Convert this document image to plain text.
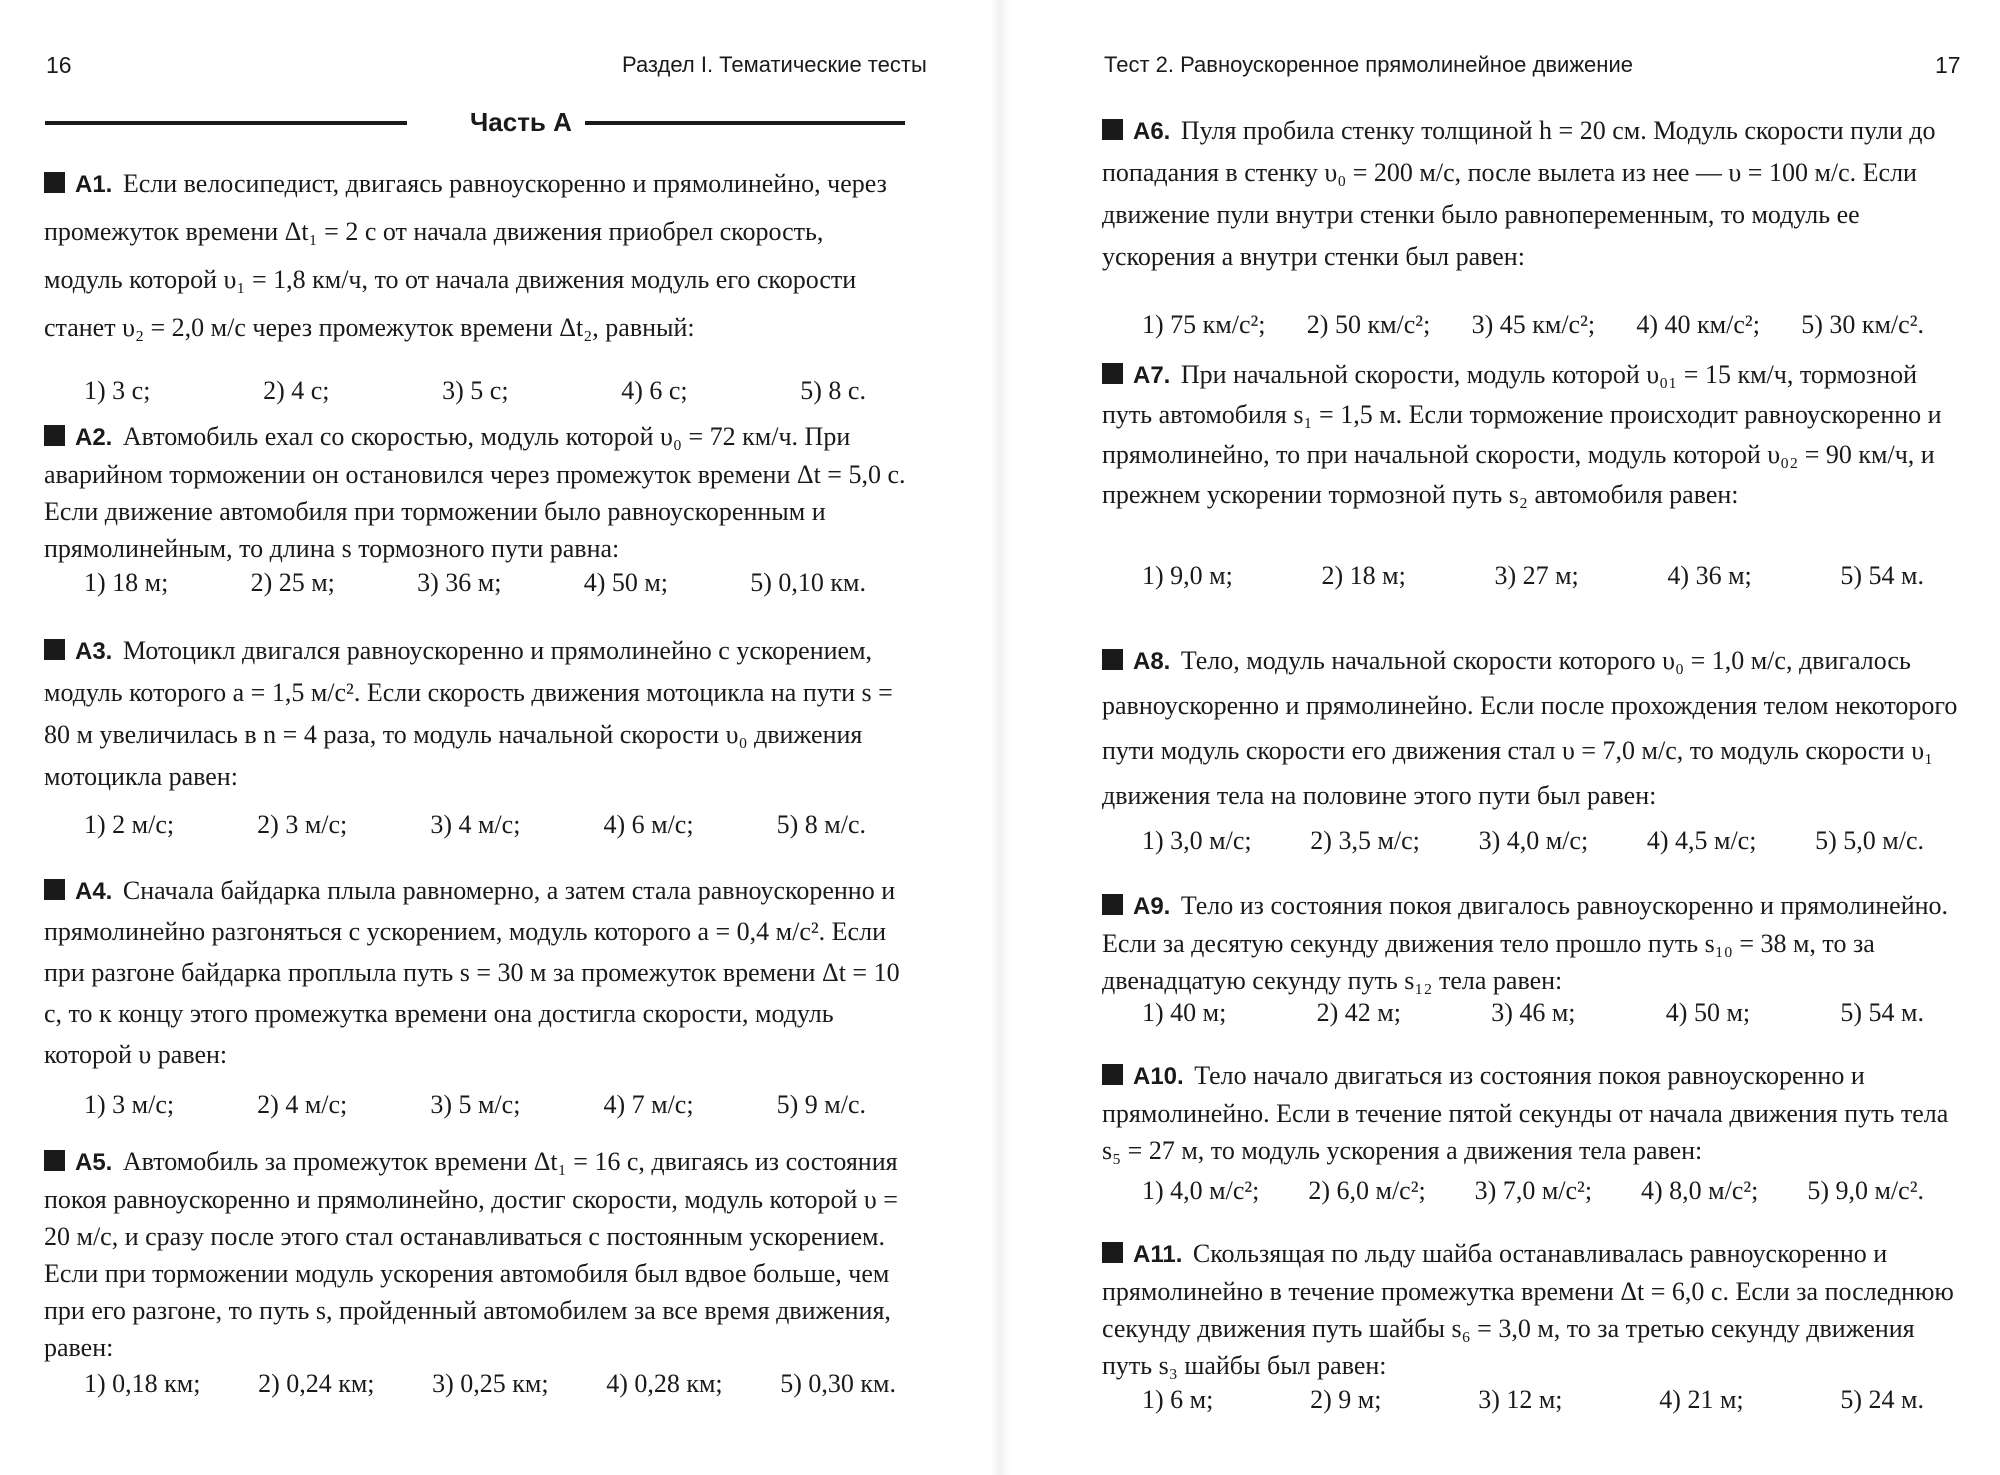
16	Раздел I. Тематические тесты
Часть А
A1. Если велосипедист, двигаясь равноускоренно и прямолинейно, через промежуток времени Δt₁ = 2 с от начала движения приобрел скорость, модуль которой υ₁ = 1,8 км/ч, то от начала движения модуль его скорости станет υ₂ = 2,0 м/с через промежуток времени Δt₂, равный:
1) 3 с;	2) 4 с;	3) 5 с;	4) 6 с;	5) 8 с.
A2. Автомобиль ехал со скоростью, модуль которой υ₀ = 72 км/ч. При аварийном торможении он остановился через промежуток времени Δt = 5,0 с. Если движение автомобиля при торможении было равноускоренным и прямолинейным, то длина s тормозного пути равна:
1) 18 м;	2) 25 м;	3) 36 м;	4) 50 м;	5) 0,10 км.
A3. Мотоцикл двигался равноускоренно и прямолинейно с ускорением, модуль которого a = 1,5 м/с². Если скорость движения мотоцикла на пути s = 80 м увеличилась в n = 4 раза, то модуль начальной скорости υ₀ движения мотоцикла равен:
1) 2 м/с;	2) 3 м/с;	3) 4 м/с;	4) 6 м/с;	5) 8 м/с.
A4. Сначала байдарка плыла равномерно, а затем стала равноускоренно и прямолинейно разгоняться с ускорением, модуль которого a = 0,4 м/с². Если при разгоне байдарка проплыла путь s = 30 м за промежуток времени Δt = 10 с, то к концу этого промежутка времени она достигла скорости, модуль которой υ равен:
1) 3 м/с;	2) 4 м/с;	3) 5 м/с;	4) 7 м/с;	5) 9 м/с.
A5. Автомобиль за промежуток времени Δt₁ = 16 с, двигаясь из состояния покоя равноускоренно и прямолинейно, достиг скорости, модуль которой υ = 20 м/с, и сразу после этого стал останавливаться с постоянным ускорением. Если при торможении модуль ускорения автомобиля был вдвое больше, чем при его разгоне, то путь s, пройденный автомобилем за все время движения, равен:
1) 0,18 км; 2) 0,24 км; 3) 0,25 км; 4) 0,28 км; 5) 0,30 км.
Тест 2. Равноускоренное прямолинейное движение	17
A6. Пуля пробила стенку толщиной h = 20 см. Модуль скорости пули до попадания в стенку υ₀ = 200 м/с, после вылета из нее — υ = 100 м/с. Если движение пули внутри стенки было равнопеременным, то модуль ее ускорения a внутри стенки был равен:
1) 75 км/с²; 2) 50 км/с²; 3) 45 км/с²; 4) 40 км/с²; 5) 30 км/с².
A7. При начальной скорости, модуль которой υ₀₁ = 15 км/ч, тормозной путь автомобиля s₁ = 1,5 м. Если торможение происходит равноускоренно и прямолинейно, то при начальной скорости, модуль которой υ₀₂ = 90 км/ч, и прежнем ускорении тормозной путь s₂ автомобиля равен:
1) 9,0 м;	2) 18 м;	3) 27 м;	4) 36 м;	5) 54 м.
A8. Тело, модуль начальной скорости которого υ₀ = 1,0 м/с, двигалось равноускоренно и прямолинейно. Если после прохождения телом некоторого пути модуль скорости его движения стал υ = 7,0 м/с, то модуль скорости υ₁ движения тела на половине этого пути был равен:
1) 3,0 м/с; 2) 3,5 м/с; 3) 4,0 м/с; 4) 4,5 м/с; 5) 5,0 м/с.
A9. Тело из состояния покоя двигалось равноускоренно и прямолинейно. Если за десятую секунду движения тело прошло путь s₁₀ = 38 м, то за двенадцатую секунду путь s₁₂ тела равен:
1) 40 м;	2) 42 м;	3) 46 м;	4) 50 м;	5) 54 м.
A10. Тело начало двигаться из состояния покоя равноускоренно и прямолинейно. Если в течение пятой секунды от начала движения путь тела s₅ = 27 м, то модуль ускорения a движения тела равен:
1) 4,0 м/с²; 2) 6,0 м/с²; 3) 7,0 м/с²; 4) 8,0 м/с²; 5) 9,0 м/с².
A11. Скользящая по льду шайба останавливалась равноускоренно и прямолинейно в течение промежутка времени Δt = 6,0 с. Если за последнюю секунду движения путь шайбы s₆ = 3,0 м, то за третью секунду движения путь s₃ шайбы был равен:
1) 6 м;	2) 9 м;	3) 12 м;	4) 21 м;	5) 24 м.
